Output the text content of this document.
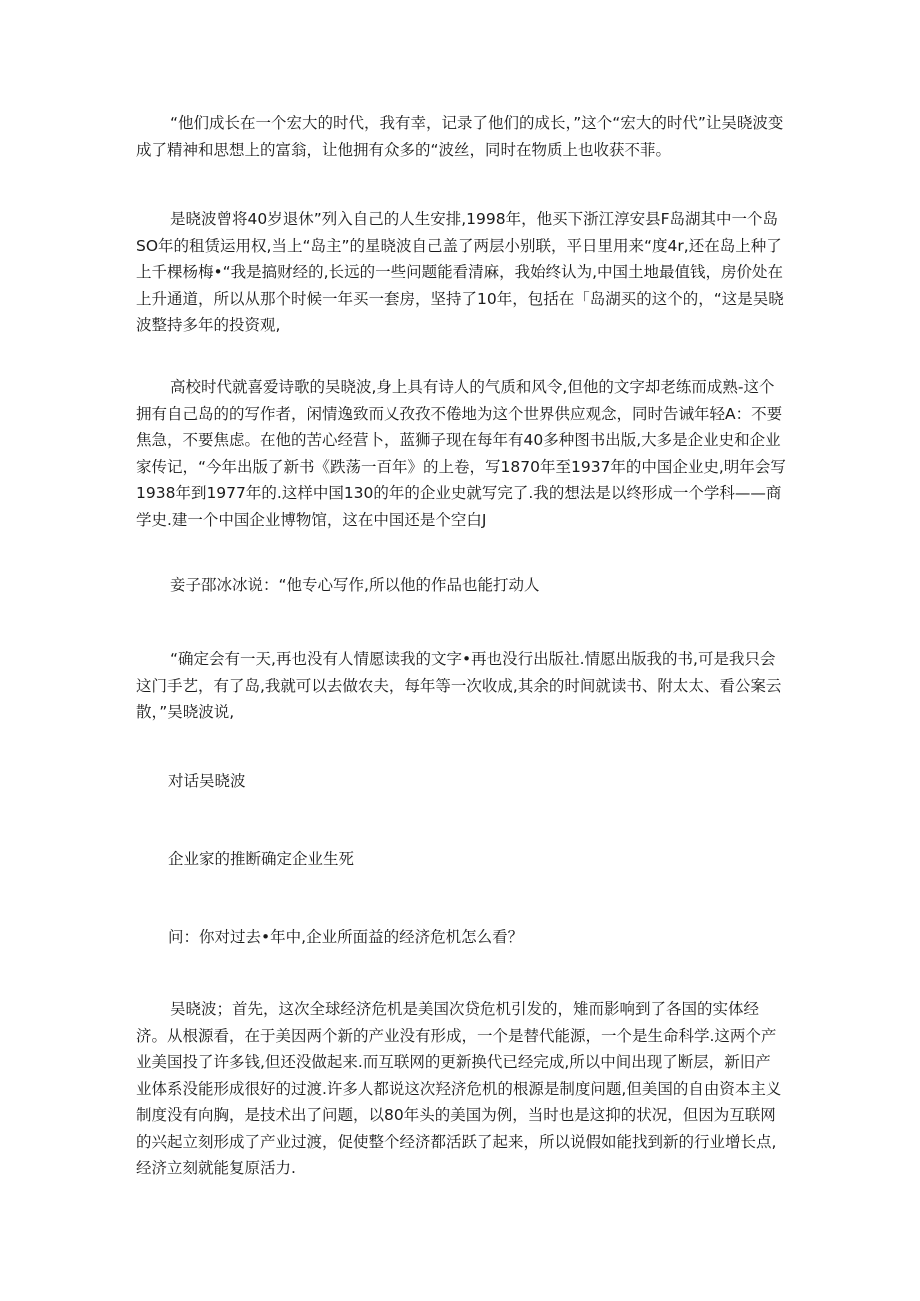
“他们成长在一个宏大的时代，我有幸，记录了他们的成长，”这个“宏大的时代”让吴晓波变成了精神和思想上的富翁，让他拥有众多的“波丝，同时在物质上也收获不菲。

是晓波曾将40岁退休”列入自己的人生安排,1998年，他买下浙江淳安县F岛湖其中一个岛SO年的租赁运用权,当上“岛主”的星晓波自己盖了两层小别联，平日里用来“度4r,还在岛上种了上千棵杨梅•“我是搞财经的,长远的一些问题能看清麻，我始终认为,中国土地最值钱，房价处在上升通道，所以从那个时候一年买一套房，坚持了10年，包括在「岛湖买的这个的，“这是吴晓波整持多年的投资观,

高校时代就喜爱诗歌的吴晓波,身上具有诗人的气质和风令,但他的文字却老练而成熟-这个拥有自己岛的的写作者，闲情逸致而乂孜孜不倦地为这个世界供应观念，同时告诫年轻A：不要焦急，不要焦虑。在他的苦心经营卜，蓝狮子现在每年有40多种图书出版,大多是企业史和企业家传记，“今年出版了新书《跌荡一百年》的上卷，写1870年至1937年的中国企业史,明年会写1938年到1977年的.这样中国130的年的企业史就写完了.我的想法是以终形成一个学科——商学史.建一个中国企业博物馆，这在中国还是个空白J

妾子邵冰冰说：“他专心写作,所以他的作品也能打动人

“确定会有一天,再也没有人情愿读我的文字•再也没行出版社.情愿出版我的书,可是我只会这门手艺，有了岛,我就可以去做农夫，每年等一次收成,其余的时间就读书、附太太、看公案云散，”吴晓波说,

对话吴晓波

企业家的推断确定企业生死

问：你对过去•年中,企业所面益的经济危机怎么看？

吴晓波；首先，这次全球经济危机是美国次贷危机引发的，雉而影响到了各国的实体经济。从根源看，在于美因两个新的产业没有形成，一个是替代能源，一个是生命科学.这两个产业美国投了许多钱,但还没做起来.而互联网的更新换代已经完成,所以中间出现了断层，新旧产业体系没能形成很好的过渡.许多人都说这次羟济危机的根源是制度问题,但美国的自由资本主义制度没有向胸，是技术出了问题，以80年头的美国为例，当时也是这抑的状况，但因为互联网的兴起立刻形成了产业过渡，促使整个经济都活跃了起来，所以说假如能找到新的行业增长点,经济立刻就能复原活力.
